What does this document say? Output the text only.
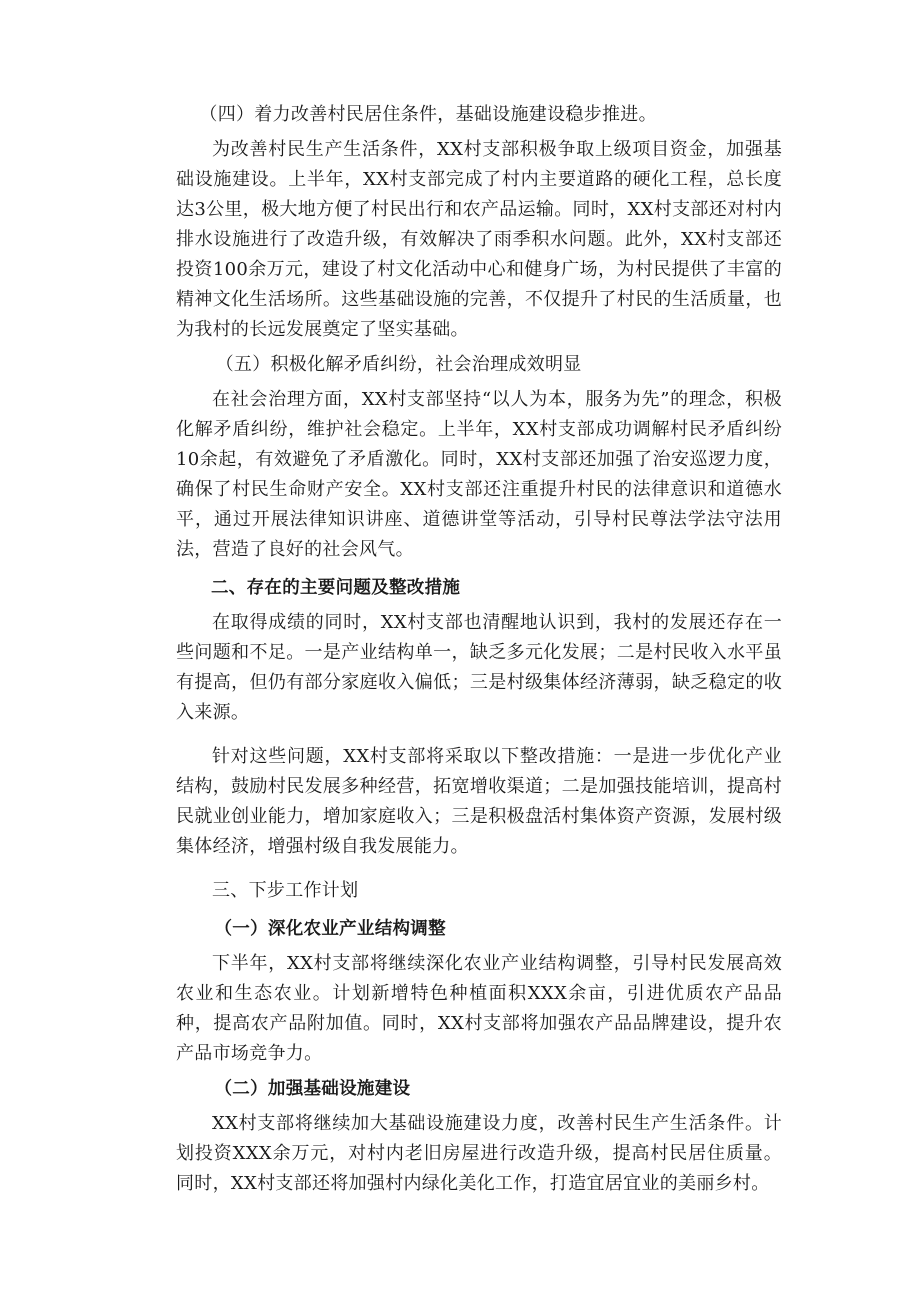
（四）着力改善村民居住条件，基础设施建设稳步推进。

为改善村民生产生活条件，XX村支部积极争取上级项目资金，加强基础设施建设。上半年，XX村支部完成了村内主要道路的硬化工程，总长度达3公里，极大地方便了村民出行和农产品运输。同时，XX村支部还对村内排水设施进行了改造升级，有效解决了雨季积水问题。此外，XX村支部还投资100余万元，建设了村文化活动中心和健身广场，为村民提供了丰富的精神文化生活场所。这些基础设施的完善，不仅提升了村民的生活质量，也为我村的长远发展奠定了坚实基础。

（五）积极化解矛盾纠纷，社会治理成效明显

在社会治理方面，XX村支部坚持“以人为本，服务为先”的理念，积极化解矛盾纠纷，维护社会稳定。上半年，XX村支部成功调解村民矛盾纠纷10余起，有效避免了矛盾激化。同时，XX村支部还加强了治安巡逻力度，确保了村民生命财产安全。XX村支部还注重提升村民的法律意识和道德水平，通过开展法律知识讲座、道德讲堂等活动，引导村民尊法学法守法用法，营造了良好的社会风气。

二、存在的主要问题及整改措施

在取得成绩的同时，XX村支部也清醒地认识到，我村的发展还存在一些问题和不足。一是产业结构单一，缺乏多元化发展；二是村民收入水平虽有提高，但仍有部分家庭收入偏低；三是村级集体经济薄弱，缺乏稳定的收入来源。

针对这些问题，XX村支部将采取以下整改措施：一是进一步优化产业结构，鼓励村民发展多种经营，拓宽增收渠道；二是加强技能培训，提高村民就业创业能力，增加家庭收入；三是积极盘活村集体资产资源，发展村级集体经济，增强村级自我发展能力。

三、下步工作计划

（一）深化农业产业结构调整

下半年，XX村支部将继续深化农业产业结构调整，引导村民发展高效农业和生态农业。计划新增特色种植面积XXX余亩，引进优质农产品品种，提高农产品附加值。同时，XX村支部将加强农产品品牌建设，提升农产品市场竞争力。

（二）加强基础设施建设

XX村支部将继续加大基础设施建设力度，改善村民生产生活条件。计划投资XXX余万元，对村内老旧房屋进行改造升级，提高村民居住质量。同时，XX村支部还将加强村内绿化美化工作，打造宜居宜业的美丽乡村。
